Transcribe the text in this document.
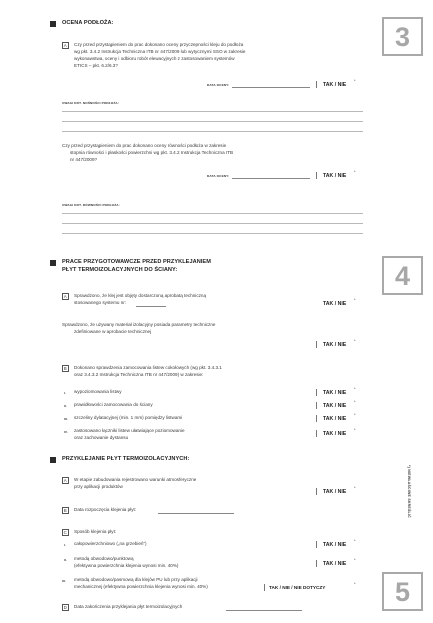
3
4
5
*) NIEWŁAŚCIWE SKREŚLIĆ
OCENA PODŁOŻA:
A	Czy przed przystąpieniem do prac dokonano oceny przyczepności kleju do podłoża
wg pkt. 3.4.2 Instrukcja Techniczna ITB nr 447/2009 lub wytycznymi SSO w zakresie
wykonawstwa, oceny i odbioru robót elewacyjnych z zastosowaniem systemów
ETICS – pkt. 6.2/6.3?
DATA OCENY:	TAK / NIE
*
UWAGI DOT. NOŚNOŚCI PODŁOŻA:
Czy przed przystąpieniem do prac dokonano oceny równości podłoża w zakresie
stopnia równości i płaskości powierzchni wg pkt. 3.4.2 Instrukcja Techniczna ITB
nr 447/2009?
DATA OCENY:	TAK / NIE
*
UWAGI DOT. RÓWNOŚCI PODŁOŻA:
PRACE PRZYGOTOWAWCZE PRZED PRZYKLEJANIEM
PŁYT TERMOIZOLACYJNYCH DO ŚCIANY:
A	Sprawdzono, że klej jest objęty dostarczoną aprobatą techniczną
stosowanego systemu nr:	TAK / NIE
*
Sprawdzono, że używany materiał izolacyjny posiada parametry techniczne
zdefiniowane w aprobacie technicznej
TAK / NIE
*
B	Dokonano sprawdzenia zamocowania listew cokołowych (wg pkt. 3.4.3.1
oraz 3.4.3.2 Instrukcja Techniczna ITB nr 447/2009) w zakresie:
I. wypoziomowania listwy	TAK / NIE
*
II. prawidłowości zamocowania do ściany	TAK / NIE
*
III. szczeliny dylatacyjnej (min. 1 mm) pomiędzy listwami	TAK / NIE
*
IV. zastosowano łączniki listew ułatwiające poziomowanie
oraz zachowanie dystansu
TAK / NIE
*
PRZYKLEJANIE PŁYT TERMOIZOLACYJNYCH:
A	W etapie zabudowania rejestrowano warunki atmosferyczne
przy aplikacji produktów
TAK / NIE
*
B	Data rozpoczęcia klejenia płyt:
C	Sposób klejenia płyt:
I. całopowierzchniowo („na grzebień”)	TAK / NIE
*
II. metodą obwodowo/punktową
(efektywna powierzchnia klejenia wynosi min. 40%)	TAK / NIE
*
III. metodą obwodowo/pasmową dla klejów PU lub przy aplikacji
mechanicznej (efektywna powierzchnia klejenia wynosi min. 40%)	TAK / NIE / NIE DOTYCZY
*
D	Data zakończenia przyklejania płyt termoizolacyjnych
